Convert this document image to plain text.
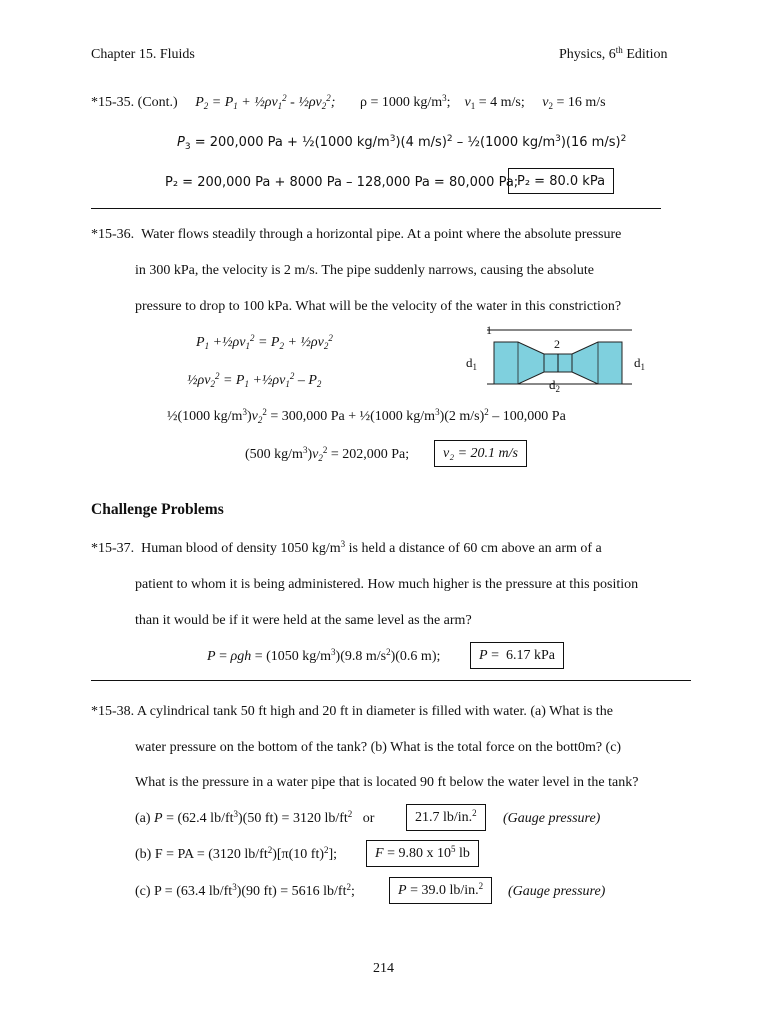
Chapter 15. Fluids	Physics, 6th Edition
*15-35. (Cont.) $P_2 = P_1$ + $\frac{1}{2}\rho v_1^2$ - $\frac{1}{2}\rho v_2^2$; ρ = 1000 $kg/m^3$;    $v_1 = 4$ m/s;     $v_2 = 16$ m/s
$P_3 = 200,000$ Pa + ½(1000 $kg/m^3)(4$ m/s)$^2$ – ½(1000 $kg/m^3)(16$ m/s)$^2$
P₂ = 200,000 Pa + 8000 Pa – 128,000 Pa = 80,000 Pa;
P₂ = 80.0 kPa
*15-36. Water flows steadily through a horizontal pipe. At a point where the absolute pressure
in 300 kPa, the velocity is 2 m/s. The pipe suddenly narrows, causing the absolute
pressure to drop to 100 kPa. What will be the velocity of the water in this constriction?
$P_1$ $+\frac{1}{2}\rho v_1^2 = P_2$ + $\frac{1}{2}\rho v_2^2$
$\frac{1}{2}\rho v_2^2 = P_1$ $+\frac{1}{2}\rho v_1^2 - P_2$
½(1000 $kg/m^3)v_2^2 = 300,000$ Pa + ½(1000 $kg/m^3)(2$ m/s)$^2$ – 100,000 Pa
(500 $kg/m^3)v_2^2 = 202,000$ Pa;	v₂ = 20.1 m/s
1
2
$d_1$
$d_2$
$d_1$
Challenge Problems
*15-37. Human blood of density 1050 $kg/m^3$ is held a distance of 60 cm above an arm of a
patient to whom it is being administered. How much higher is the pressure at this position
than it would be if it were held at the same level as the arm?
P = ρgh = (1050 $kg/m^3)(9.8$ $m/s^2)(0.6$ m);	P =  6.17 kPa
*15-38. A cylindrical tank 50 ft high and 20 ft in diameter is filled with water. (a) What is the
water pressure on the bottom of the tank? (b) What is the total force on the bott0m? (c)
What is the pressure in a water pipe that is located 90 ft below the water level in the tank?
(a) P = (62.4 $lb/ft^3)(50$ ft) = 3120 $lb/ft^2$ or	21.7 lb/in.$^2$	(Gauge pressure)
(b) F = PA = (3120 $lb/ft^2)[\pi(10$ ft)$^2$];	F = 9.80 x $10^5$ lb
(c) P = (63.4 $lb/ft^3)(90$ ft) = 5616 $lb/ft^2$;	P = 39.0 lb/in.$^2$	(Gauge pressure)
214
